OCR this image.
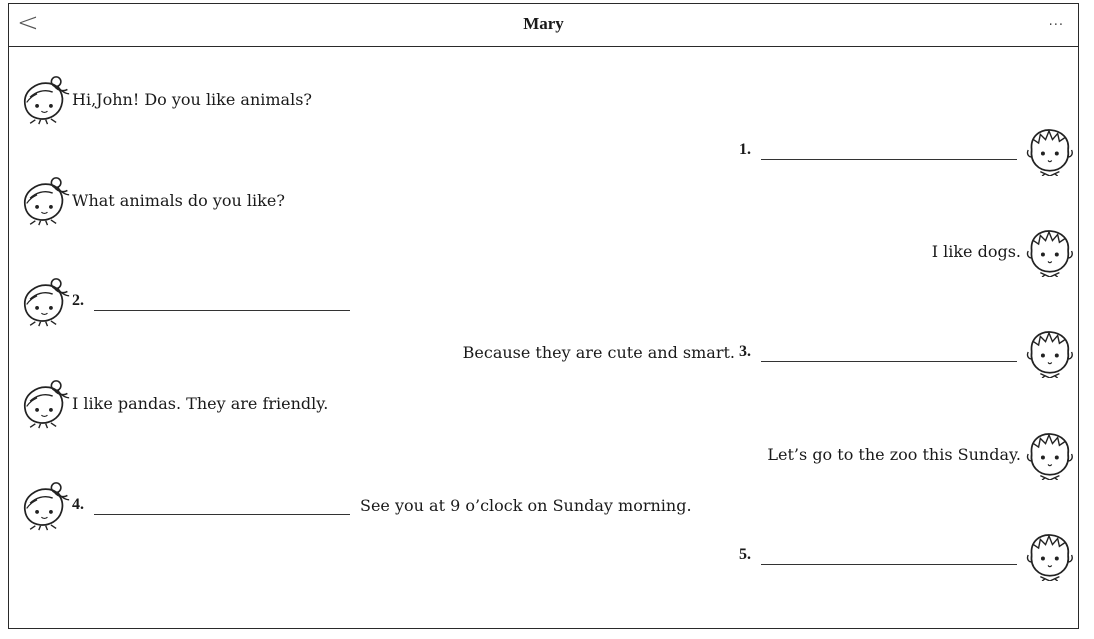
<	Mary	...
Hi,John! Do you like animals?
1.
What animals do you like?
I like dogs.
2.
Because they are cute and smart. 3.
I like pandas. They are friendly.
Let’s go to the zoo this Sunday.
4.	See you at 9 o’clock on Sunday morning.
5.
